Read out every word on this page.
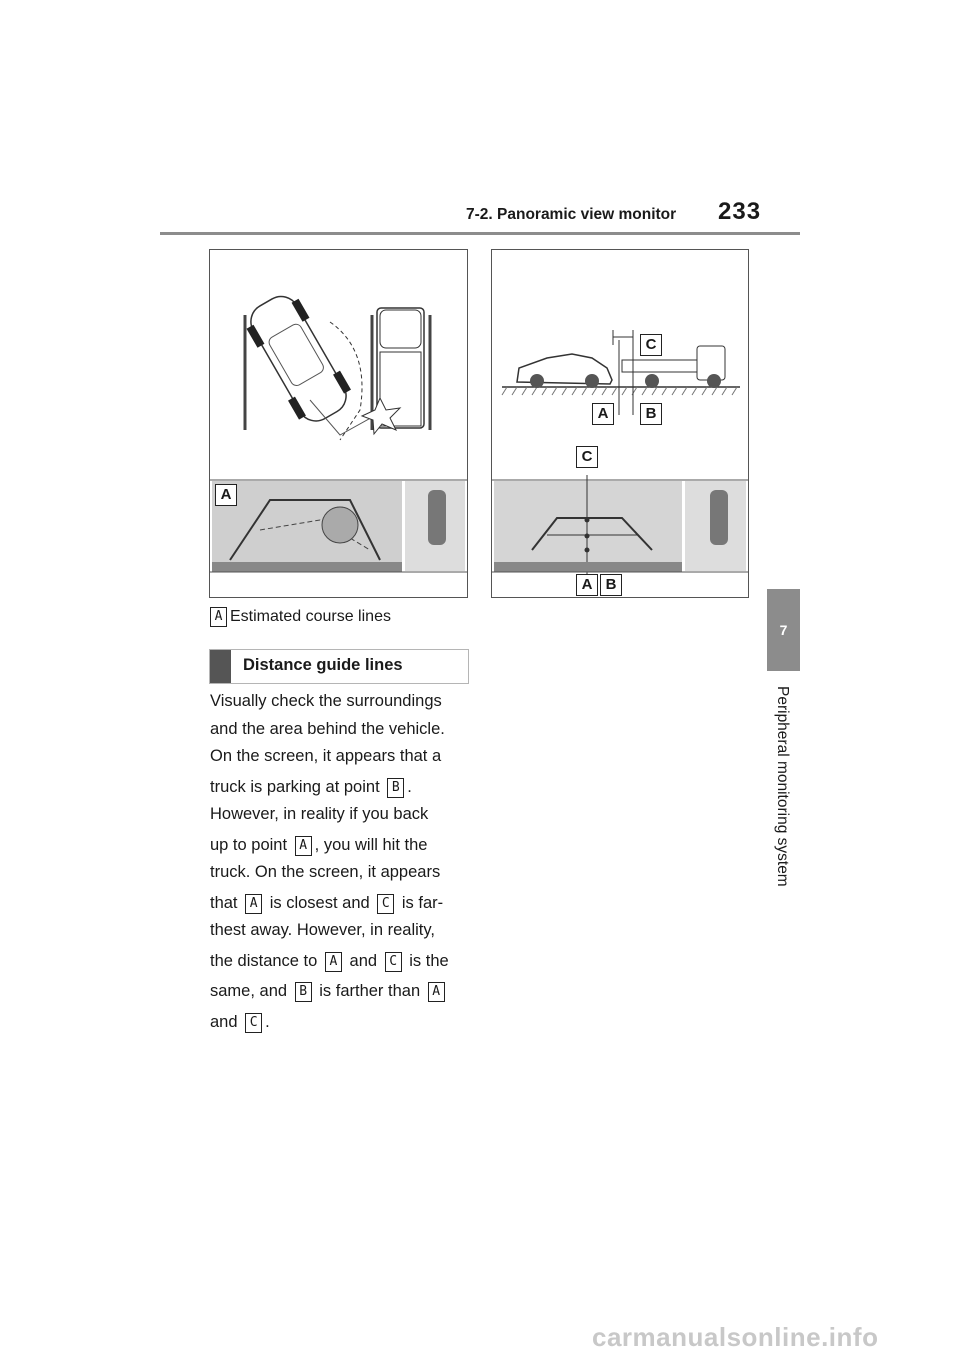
7-2. Panoramic view monitor 233
7
Peripheral monitoring system
A
C
A	B
C
A B
A Estimated course lines
Distance guide lines

Visually check the surroundings

and the area behind the vehicle.

On the screen, it appears that a

truck is parking at point B .

However, in reality if you back

up to point A , you will hit the

truck. On the screen, it appears

that A is closest and C is far-

thest away. However, in reality,

the distance to A and C is the

same, and B is farther than A

and C .

carmanualsonline.info
